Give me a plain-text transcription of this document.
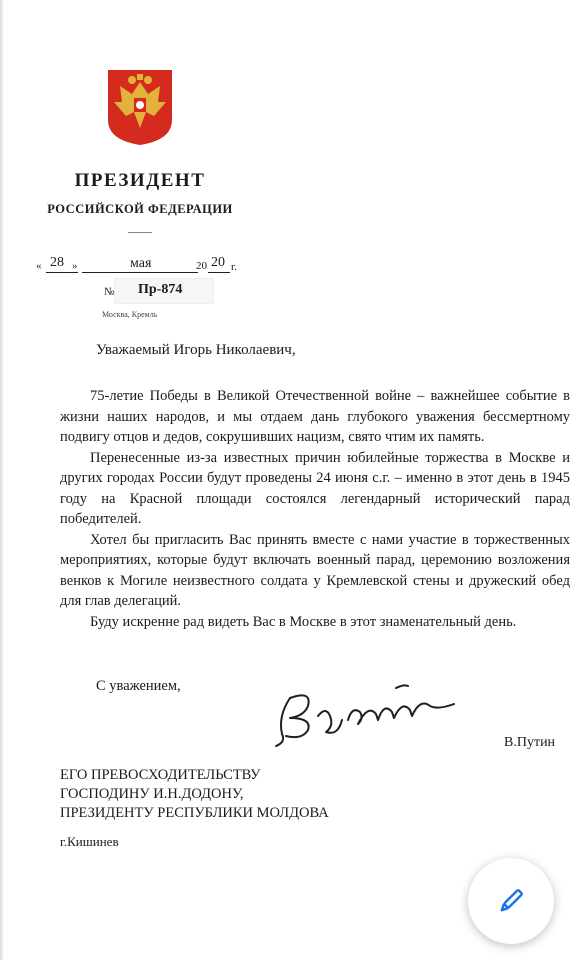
ПРЕЗИДЕНТ
РОССИЙСКОЙ ФЕДЕРАЦИИ
« 28 »	мая	20 20 г.
№ Пр-874
Москва, Кремль
Уважаемый Игорь Николаевич,

75-летие Победы в Великой Отечественной войне – важнейшее событие в жизни наших народов, и мы отдаем дань глубокого уважения бессмертному подвигу отцов и дедов, сокрушивших нацизм, свято чтим их память.

Перенесенные из-за известных причин юбилейные торжества в Москве и других городах России будут проведены 24 июня с.г. – именно в этот день в 1945 году на Красной площади состоялся легендарный исторический парад победителей.

Хотел бы пригласить Вас принять вместе с нами участие в торжественных мероприятиях, которые будут включать военный парад, церемонию возложения венков к Могиле неизвестного солдата у Кремлевской стены и дружеский обед для глав делегаций.

Буду искренне рад видеть Вас в Москве в этот знаменательный день.

С уважением,
В.Путин
ЕГО ПРЕВОСХОДИТЕЛЬСТВУ
ГОСПОДИНУ И.Н.ДОДОНУ,
ПРЕЗИДЕНТУ РЕСПУБЛИКИ МОЛДОВА
г.Кишинев
